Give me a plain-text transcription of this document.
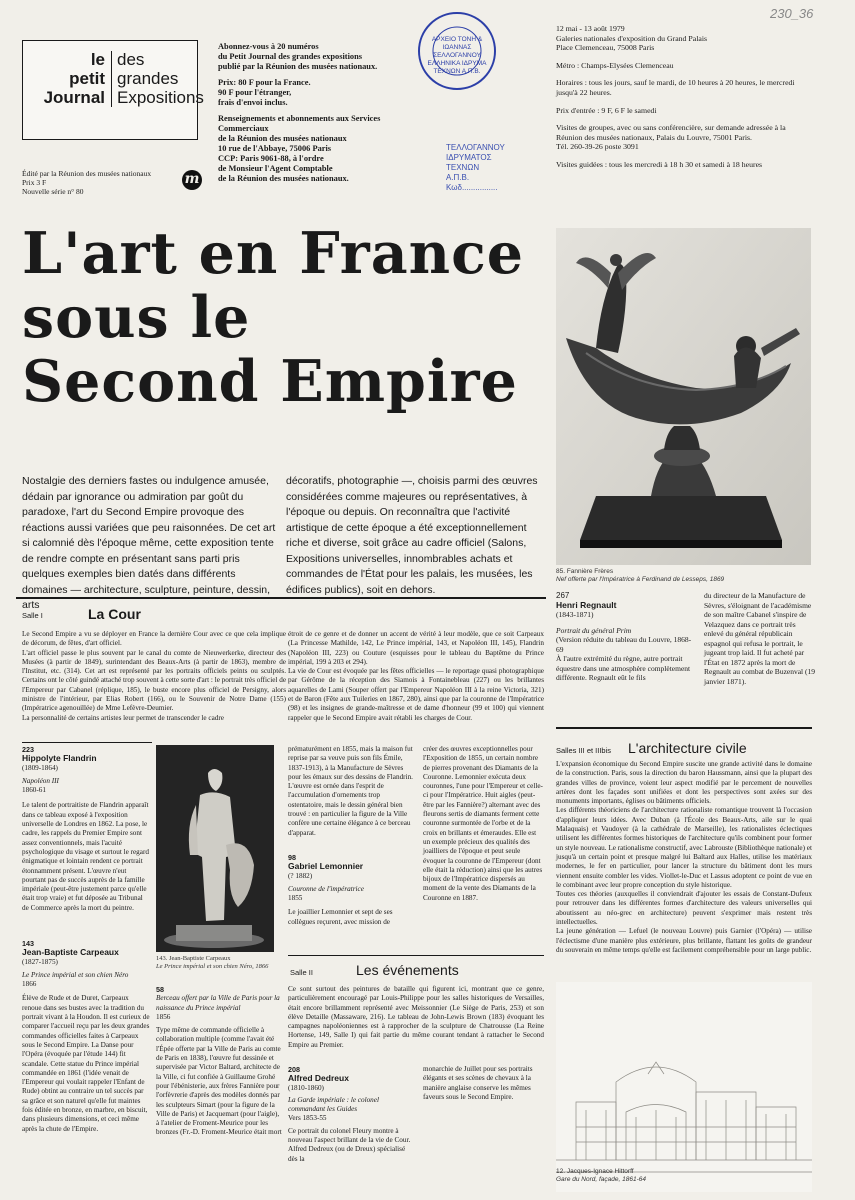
230_36
le
petit
Journal
des
grandes
Expositions
Abonnez-vous à 20 numéros
du Petit Journal des grandes expositions
publié par la Réunion des musées nationaux.
Prix: 80 F pour la France.
90 F pour l'étranger,
frais d'envoi inclus.
Renseignements et abonnements aux Services Commerciaux
de la Réunion des musées nationaux
10 rue de l'Abbaye, 75006 Paris
CCP: Paris 9061-88, à l'ordre
de Monsieur l'Agent Comptable
de la Réunion des musées nationaux.
Édité par la Réunion des musées nationaux
Prix 3 F
Nouvelle série n° 80
m
ΑΡΧΕΙΟ ΤΟΝΗ & ΙΩΑΝΝΑΣ ΣΕΛΛΟΓΑΝΝΟΥ ΕΛΛΗΝΙΚΑ ΙΔΡΥΜΑ ΤΕΧΝΩΝ Α.Π.Β.
ΤΕΛΛΟΓΑΝΝΟΥ
ΙΔΡΥΜΑΤΟΣ
ΤΕΧΝΩΝ
Α.Π.Β.
Κωδ................
12 mai - 13 août 1979
Galeries nationales d'exposition du Grand Palais
Place Clemenceau, 75008 Paris
Métro : Champs-Elysées Clemenceau
Horaires : tous les jours, sauf le mardi, de 10 heures à 20 heures, le mercredi jusqu'à 22 heures.
Prix d'entrée : 9 F, 6 F le samedi
Visites de groupes, avec ou sans conférencière, sur demande adressée à la Réunion des musées nationaux, Palais du Louvre, 75001 Paris.
Tél. 260-39-26 poste 3091
Visites guidées : tous les mercredi à 18 h 30 et samedi à 18 heures
L'art en France
sous le
Second Empire
Nostalgie des derniers fastes ou indulgence amusée, dédain par ignorance ou admiration par goût du paradoxe, l'art du Second Empire provoque des réactions aussi variées que peu raisonnées. De cet art si calomnié dès l'époque même, cette exposition tente de rendre compte en présentant sans parti pris quelques exemples bien datés dans différents domaines — architecture, sculpture, peinture, dessin, arts
décoratifs, photographie —, choisis parmi des œuvres considérées comme majeures ou représentatives, à l'époque ou depuis. On reconnaîtra que l'activité artistique de cette époque a été exceptionnellement riche et diverse, soit grâce au cadre officiel (Salons, Expositions universelles, innombrables achats et commandes de l'État pour les palais, les musées, les édifices publics), soit en dehors.
85. Fannière Frères
Nef offerte par l'Impératrice à Ferdinand de Lesseps, 1869
Salle I	La Cour
Le Second Empire a vu se déployer en France la dernière Cour avec ce que cela implique de décorum, de fêtes, d'art officiel.
L'art officiel passe le plus souvent par le canal du comte de Nieuwerkerke, directeur des Musées (à partir de 1849), surintendant des Beaux-Arts (à partir de 1863), membre de l'Institut, etc. (314). Cet art est représenté par les portraits officiels peints ou sculptés. Certains ont le côté guindé attaché trop souvent à cette sorte d'art : le portrait très officiel de l'Empereur par Cabanel (réplique, 185), le buste encore plus officiel de Persigny, alors ministre de l'intérieur, par Elias Robert (166), ou le Souvenir de Notre Dame (155) (Impératrice agenouillée) de Mme Lefèvre-Deumier.
La personnalité de certains artistes leur permet de transcender le cadre
étroit de ce genre et de donner un accent de vérité à leur modèle, que ce soit Carpeaux (La Princesse Mathilde, 142, Le Prince impérial, 143, et Napoléon III, 145), Flandrin (Napoléon III, 223) ou Couture (esquisses pour le tableau du Baptême du Prince impérial, 199 à 203 et 294).
La vie de Cour est évoquée par les fêtes officielles — le reportage quasi photographique par Gérôme de la réception des Siamois à Fontainebleau (227) ou les brillantes aquarelles de Lami (Souper offert par l'Empereur Napoléon III à la reine Victoria, 321) et de Baron (Fête aux Tuileries en 1867, 280), ainsi que par la couronne de l'Impératrice (98) et les insignes de grande-maîtresse et de dame d'honneur (99 et 100) qui viennent rappeler que le Second Empire avait rétabli les charges de Cour.
267
Henri Regnault
(1843-1871)
Portrait du général Prim
(Version réduite du tableau du Louvre, 1868-69
À l'autre extrémité du règne, autre portrait équestre dans une atmosphère complètement différente. Regnault eût le fils
du directeur de la Manufacture de Sèvres, s'éloignant de l'académisme de son maître Cabanel s'inspire de Velazquez dans ce portrait très enlevé du général républicain espagnol qui refusa le portrait, le jugeant trop laid. Il fut acheté par l'État en 1872 après la mort de Regnault au combat de Buzenval (19 janvier 1871).
223
Hippolyte Flandrin
(1809-1864)
Napoléon III
1860-61
Le talent de portraitiste de Flandrin apparaît dans ce tableau exposé à l'exposition universelle de Londres en 1862. La pose, le cadre, les rappels du Premier Empire sont assez conventionnels, mais l'acuité psychologique du visage et surtout le regard énigmatique et lointain rendent ce portrait étonnamment présent. L'œuvre n'eut pourtant pas de succès auprès de la famille impériale (peut-être justement parce qu'elle était trop vraie) et fut déposée au Tribunal de Commerce après la mort du peintre.
143. Jean-Baptiste Carpeaux
Le Prince impérial et son chien Néro, 1866
143
Jean-Baptiste Carpeaux
(1827-1875)
Le Prince impérial et son chien Néro
1866
Élève de Rude et de Duret, Carpeaux renoue dans ses bustes avec la tradition du portrait vivant à la Houdon. Il est curieux de comparer l'accueil reçu par les deux grandes commandes officielles faites à Carpeaux sous le Second Empire. La Danse pour l'Opéra (évoquée par l'étude 144) fit scandale. Cette statue du Prince impérial commandée en 1861 (l'idée venait de l'Empereur qui voulait rappeler l'Enfant de Rude) obtint au contraire un tel succès par sa grâce et son naturel qu'elle fut maintes fois éditée en bronze, en marbre, en biscuit, dans plusieurs dimensions, et ceci même après la chute de l'Empire.
prématurément en 1855, mais la maison fut reprise par sa veuve puis son fils Émile, 1837-1913), à la Manufacture de Sèvres pour les émaux sur des dessins de Flandrin. L'œuvre est ornée dans l'esprit de l'accumulation d'ornements trop ostentatoire, mais le dessin général bien trouvé : en particulier la figure de la Ville confère une certaine élégance à ce berceau d'apparat.
98
Gabriel Lemonnier
(? 1882)
Couronne de l'impératrice
1855
Le joaillier Lemonnier et sept de ses collègues reçurent, avec mission de
créer des œuvres exceptionnelles pour l'Exposition de 1855, un certain nombre de pierres provenant des Diamants de la Couronne. Lemonnier exécuta deux couronnes, l'une pour l'Empereur et celle-ci pour l'Impératrice. Huit aigles (peut-être par les Fannière?) alternant avec des fleurons sertis de diamants ferment cette couronne surmontée de l'orbe et de la croix en brillants et émeraudes. Elle est un exemple précieux des qualités des joailliers de l'époque et peut seule évoquer la couronne de l'Empereur (dont elle était la réduction) ainsi que les autres bijoux de l'Impératrice dispersés au moment de la vente des Diamants de la Couronne en 1887.
58
Berceau offert par la Ville de Paris pour la naissance du Prince impérial
1856
Type même de commande officielle à collaboration multiple (comme l'avait été l'Épée offerte par la Ville de Paris au comte de Paris en 1838), l'œuvre fut dessinée et supervisée par Victor Baltard, architecte de la Ville, ci fut confiée à Guillaume Grohé pour l'ébénisterie, aux frères Fannière pour l'orfèvrerie d'après des modèles donnés par les sculpteurs Simart (pour la figure de la Ville de Paris) et Jacquemart (pour l'aigle), à l'atelier de Froment-Meurice pour les bronzes (Fr.-D. Froment-Meurice était mort
Salle II	Les événements
Ce sont surtout des peintures de bataille qui figurent ici, montrant que ce genre, particulièrement encouragé par Louis-Philippe pour les salles historiques de Versailles, était encore brillamment représenté avec Meissonnier (Le Siège de Paris, 253) et son élève Detaille (Massaware, 216). Le tableau de John-Lewis Brown (183) évoquant les campagnes napoléoniennes est à rapprocher de la sculpture de Chatrousse (La Reine Hortense, 149, Salle I) qui fait partie du même courant tendant à rattacher le Second Empire au Premier.
208
Alfred Dedreux
(1810-1860)
La Garde impériale : le colonel commandant les Guides
Vers 1853-55
Ce portrait du colonel Fleury montre à nouveau l'aspect brillant de la vie de Cour. Alfred Dedreux (ou de Dreux) spécialisé dès la
monarchie de Juillet pour ses portraits élégants et ses scènes de chevaux à la manière anglaise conserve les mêmes faveurs sous le Second Empire.
Salles III et IIIbis L'architecture civile
L'expansion économique du Second Empire suscite une grande activité dans le domaine de la construction. Paris, sous la direction du baron Haussmann, ainsi que la plupart des grandes villes de province, voient leur aspect modifié par le percement de nouvelles artères dont les façades sont unifiées et dont les perspectives sont axées sur des monuments importants, églises ou bâtiments officiels.
Les différents théoriciens de l'architecture rationaliste romantique trouvent là l'occasion d'appliquer leurs idées. Avec Duban (à l'École des Beaux-Arts, aile sur le quai Malaquais) et Vaudoyer (à la cathédrale de Marseille), les rationalistes éclectiques utilisent les différentes formes historiques de l'architecture qu'ils combinent pour former un style nouveau. Le rationalisme constructif, avec Labrouste (Bibliothèque nationale) et jusqu'à un certain point et presque malgré lui Baltard aux Halles, utilise les matériaux modernes, le fer en particulier, pour lancer la structure du bâtiment dont les murs viennent ensuite combler les vides. Viollet-le-Duc et Lassus adoptent ce point de vue en le combinant avec leur propre conception du style historique.
Toutes ces théories (auxquelles il conviendrait d'ajouter les essais de Constant-Dufeux pour retrouver dans les différentes formes d'architecture des valeurs universelles qui aboutissent au néo-grec en architecture) peuvent s'exprimer mais restent très intellectuelles.
La jeune génération — Lefuel (le nouveau Louvre) puis Garnier (l'Opéra) — utilise l'éclectisme d'une manière plus extérieure, plus brillante, flattant les goûts de grandeur du souverain en même temps qu'elle est facilement compréhensible pour un large public.
12. Jacques-Ignace Hittorff
Gare du Nord, façade, 1861-64
